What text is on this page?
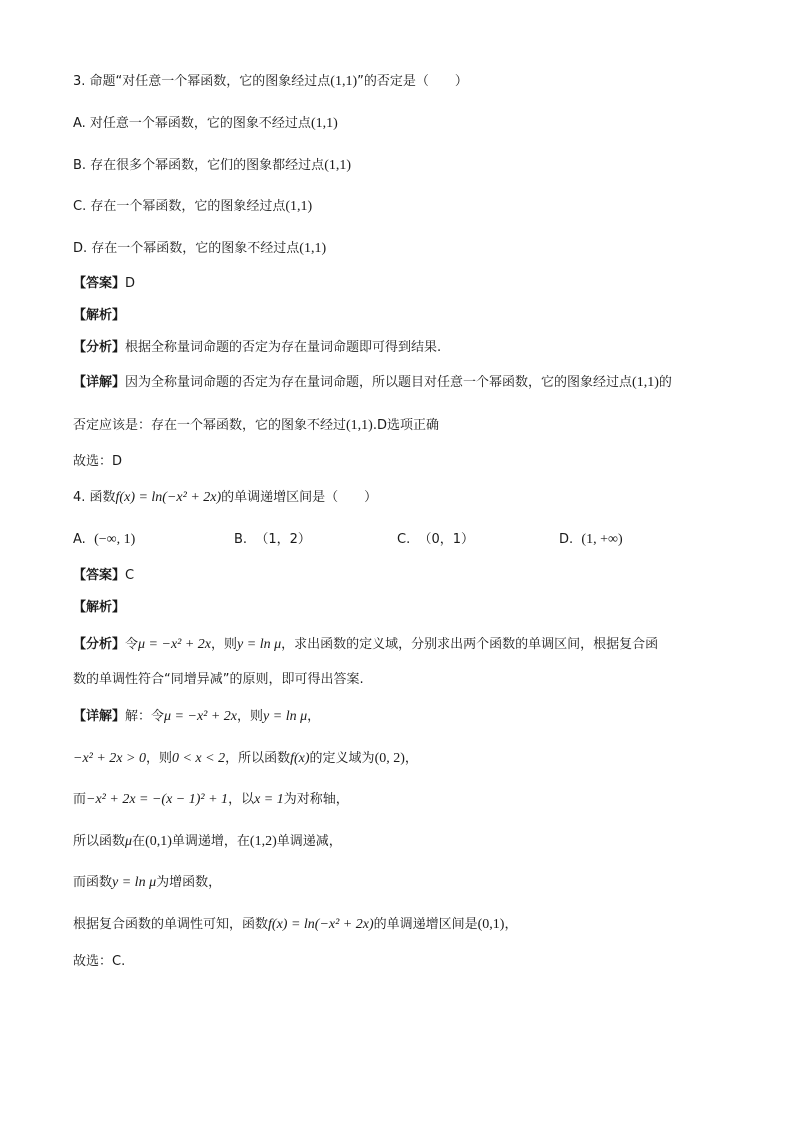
3. 命题“对任意一个幂函数，它的图象经过点(1,1)”的否定是（　　）
A. 对任意一个幂函数，它的图象不经过点(1,1)
B. 存在很多个幂函数，它们的图象都经过点(1,1)
C. 存在一个幂函数，它的图象经过点(1,1)
D. 存在一个幂函数，它的图象不经过点(1,1)
【答案】D
【解析】
【分析】根据全称量词命题的否定为存在量词命题即可得到结果.
【详解】因为全称量词命题的否定为存在量词命题，所以题目对任意一个幂函数，它的图象经过点(1,1)的
否定应该是：存在一个幂函数，它的图象不经过(1,1).D选项正确
故选：D
4. 函数f(x) = ln(−x² + 2x)的单调递增区间是（　　）
A. (−∞, 1)	B. （1，2）	C. （0，1）	D. (1, +∞)
【答案】C
【解析】
【分析】令μ = −x² + 2x，则y = ln μ，求出函数的定义域，分别求出两个函数的单调区间，根据复合函
数的单调性符合“同增异减”的原则，即可得出答案.
【详解】解：令μ = −x² + 2x，则y = ln μ，
−x² + 2x > 0，则0 < x < 2，所以函数f(x)的定义域为(0, 2)，
而−x² + 2x = −(x − 1)² + 1，以x = 1为对称轴，
所以函数μ在(0,1)单调递增，在(1,2)单调递减，
而函数y = ln μ为增函数，
根据复合函数的单调性可知，函数f(x) = ln(−x² + 2x)的单调递增区间是(0,1)，
故选：C.
